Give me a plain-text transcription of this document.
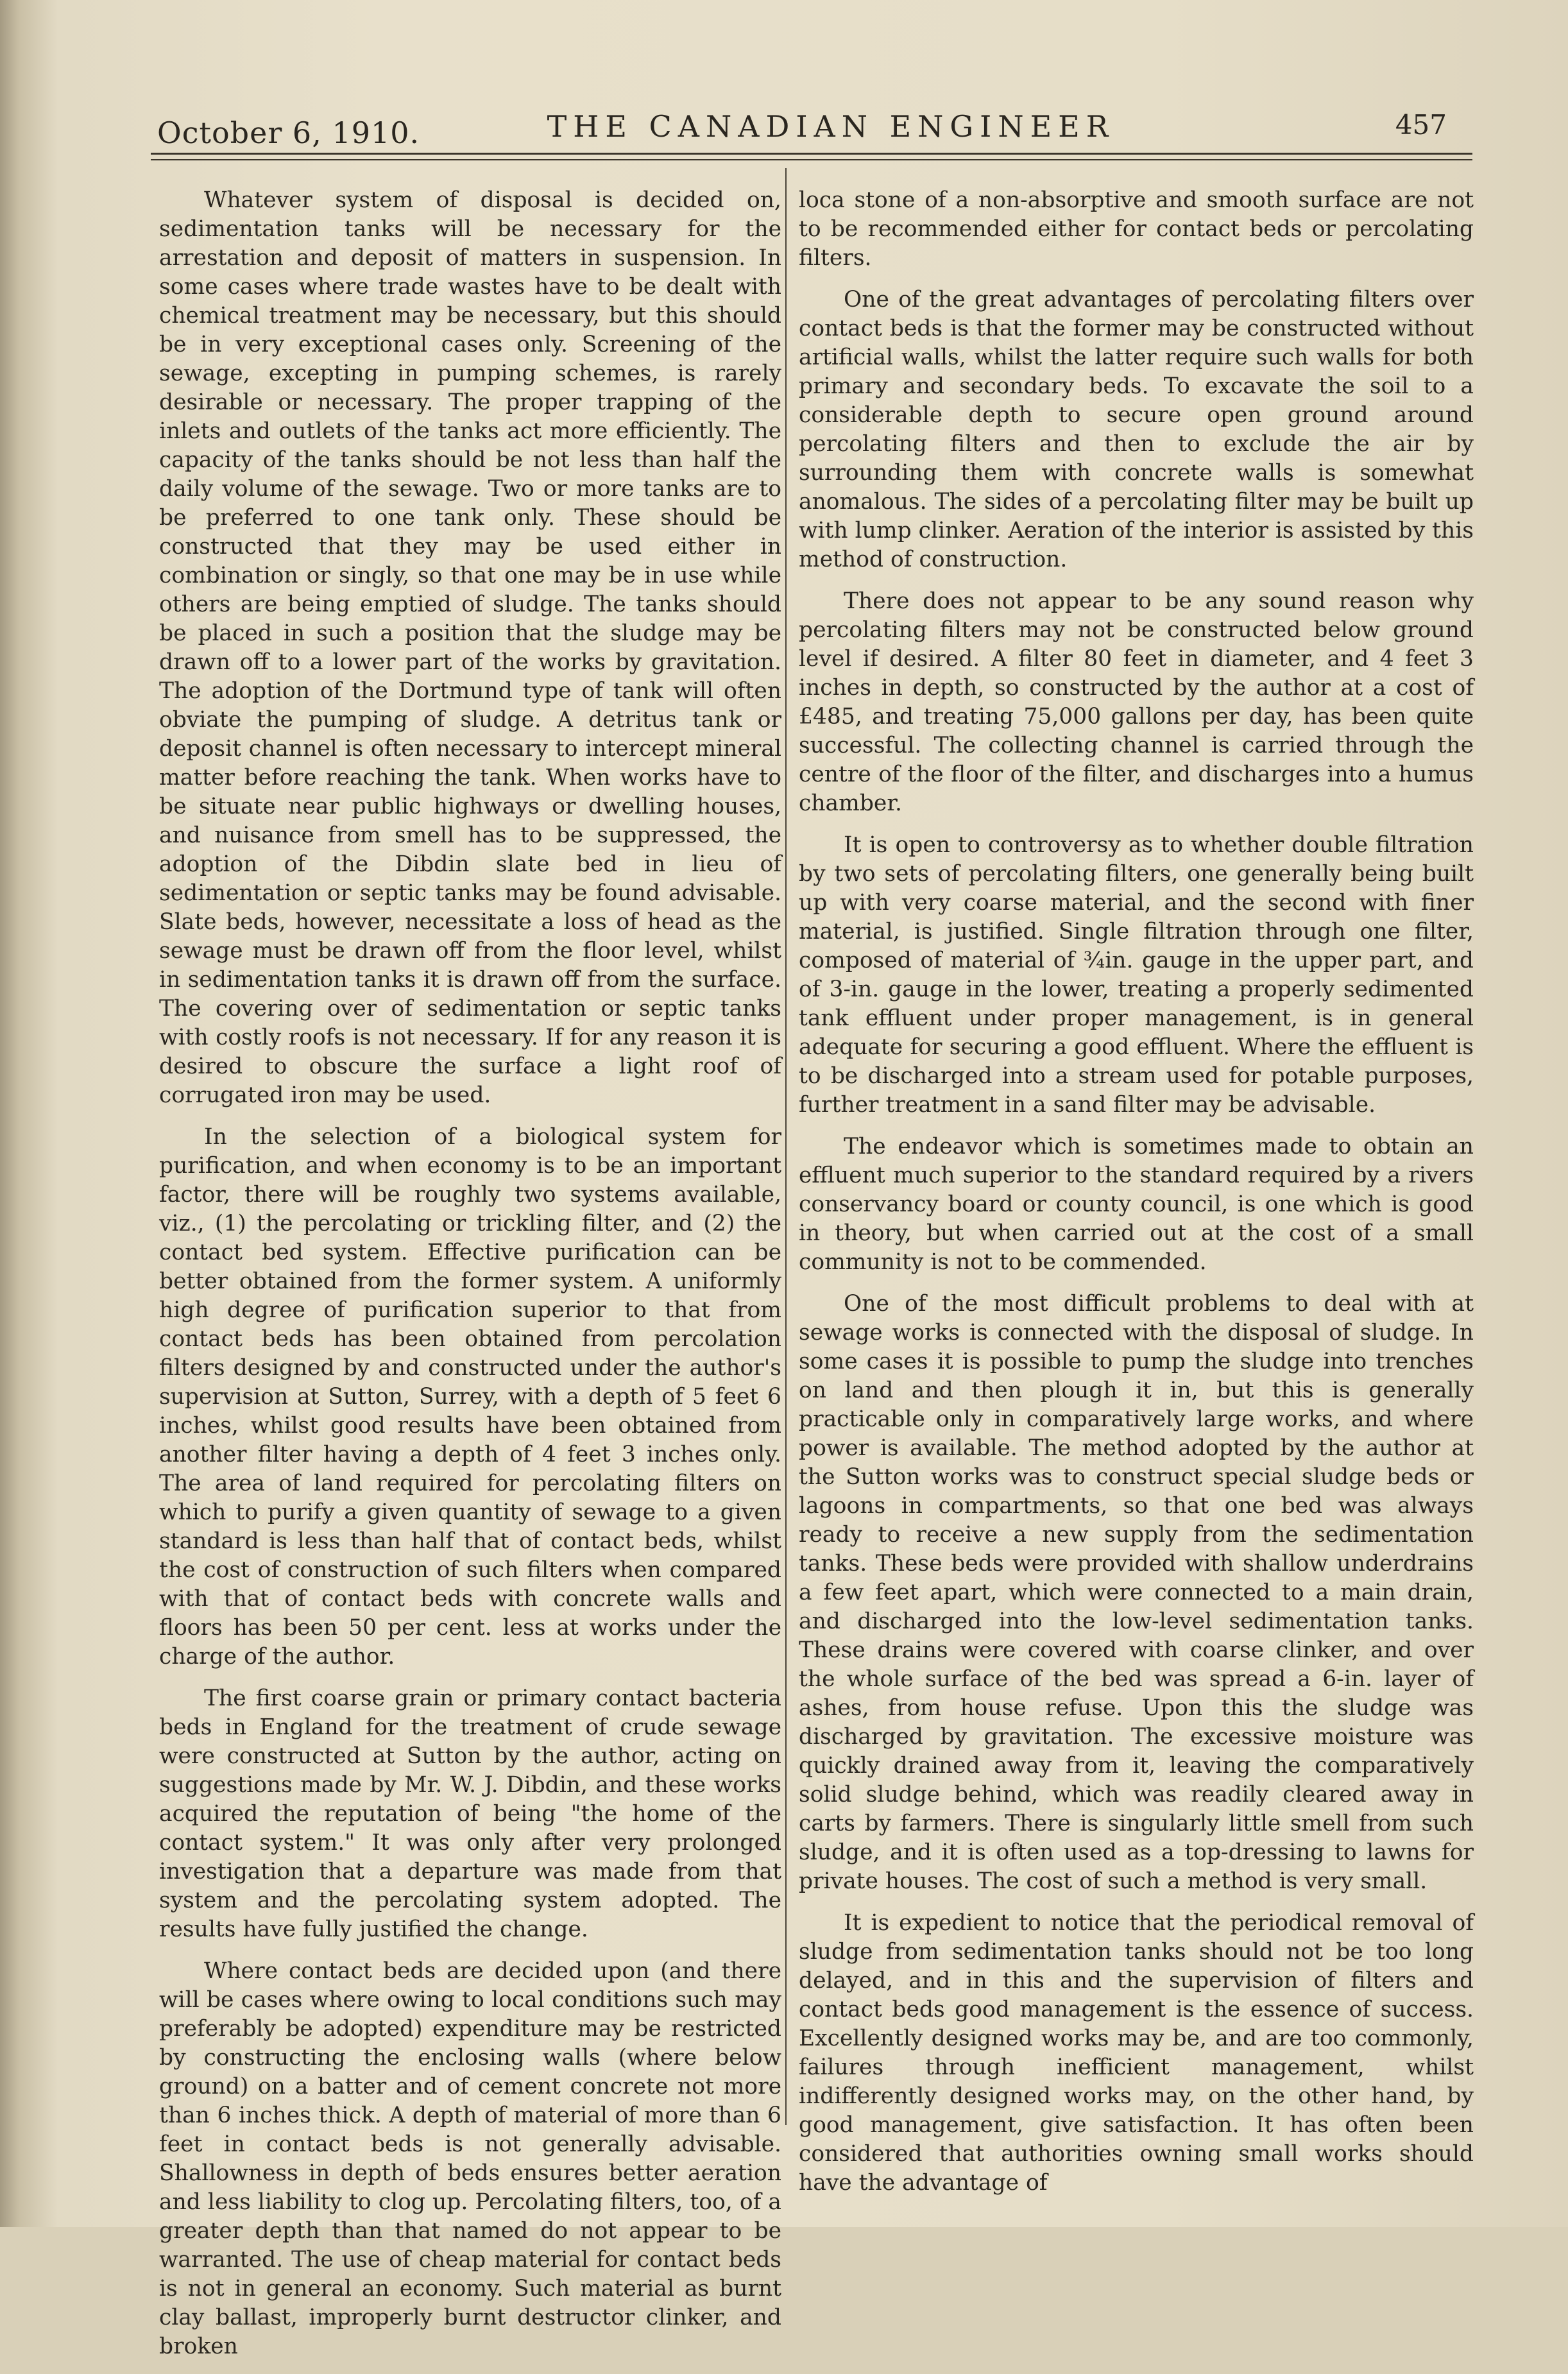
October 6, 1910.	THE CANADIAN ENGINEER	457

Whatever system of disposal is decided on, sedimentation tanks will be necessary for the arrestation and deposit of matters in suspension. In some cases where trade wastes have to be dealt with chemical treatment may be necessary, but this should be in very exceptional cases only. Screening of the sewage, excepting in pumping schemes, is rarely desirable or necessary. The proper trapping of the inlets and outlets of the tanks act more efficiently. The capacity of the tanks should be not less than half the daily volume of the sewage. Two or more tanks are to be preferred to one tank only. These should be constructed that they may be used either in combination or singly, so that one may be in use while others are being emptied of sludge. The tanks should be placed in such a position that the sludge may be drawn off to a lower part of the works by gravitation. The adoption of the Dortmund type of tank will often obviate the pumping of sludge. A detritus tank or deposit channel is often necessary to intercept mineral matter before reaching the tank. When works have to be situate near public highways or dwelling houses, and nuisance from smell has to be suppressed, the adoption of the Dibdin slate bed in lieu of sedimentation or septic tanks may be found advisable. Slate beds, however, necessitate a loss of head as the sewage must be drawn off from the floor level, whilst in sedimentation tanks it is drawn off from the surface. The covering over of sedimentation or septic tanks with costly roofs is not necessary. If for any reason it is desired to obscure the surface a light roof of corrugated iron may be used.

In the selection of a biological system for purification, and when economy is to be an important factor, there will be roughly two systems available, viz., (1) the percolating or trickling filter, and (2) the contact bed system. Effective purification can be better obtained from the former system. A uniformly high degree of purification superior to that from contact beds has been obtained from percolation filters designed by and constructed under the author's supervision at Sutton, Surrey, with a depth of 5 feet 6 inches, whilst good results have been obtained from another filter having a depth of 4 feet 3 inches only. The area of land required for percolating filters on which to purify a given quantity of sewage to a given standard is less than half that of contact beds, whilst the cost of construction of such filters when compared with that of contact beds with concrete walls and floors has been 50 per cent. less at works under the charge of the author.

The first coarse grain or primary contact bacteria beds in England for the treatment of crude sewage were constructed at Sutton by the author, acting on suggestions made by Mr. W. J. Dibdin, and these works acquired the reputation of being "the home of the contact system." It was only after very prolonged investigation that a departure was made from that system and the percolating system adopted. The results have fully justified the change.

Where contact beds are decided upon (and there will be cases where owing to local conditions such may preferably be adopted) expenditure may be restricted by constructing the enclosing walls (where below ground) on a batter and of cement concrete not more than 6 inches thick. A depth of material of more than 6 feet in contact beds is not generally advisable. Shallowness in depth of beds ensures better aeration and less liability to clog up. Percolating filters, too, of a greater depth than that named do not appear to be warranted. The use of cheap material for contact beds is not in general an economy. Such material as burnt clay ballast, improperly burnt destructor clinker, and broken

loca stone of a non-absorptive and smooth surface are not to be recommended either for contact beds or percolating filters.

One of the great advantages of percolating filters over contact beds is that the former may be constructed without artificial walls, whilst the latter require such walls for both primary and secondary beds. To excavate the soil to a considerable depth to secure open ground around percolating filters and then to exclude the air by surrounding them with concrete walls is somewhat anomalous. The sides of a percolating filter may be built up with lump clinker. Aeration of the interior is assisted by this method of construction.

There does not appear to be any sound reason why percolating filters may not be constructed below ground level if desired. A filter 80 feet in diameter, and 4 feet 3 inches in depth, so constructed by the author at a cost of £485, and treating 75,000 gallons per day, has been quite successful. The collecting channel is carried through the centre of the floor of the filter, and discharges into a humus chamber.

It is open to controversy as to whether double filtration by two sets of percolating filters, one generally being built up with very coarse material, and the second with finer material, is justified. Single filtration through one filter, composed of material of ¾in. gauge in the upper part, and of 3-in. gauge in the lower, treating a properly sedimented tank effluent under proper management, is in general adequate for securing a good effluent. Where the effluent is to be discharged into a stream used for potable purposes, further treatment in a sand filter may be advisable.

The endeavor which is sometimes made to obtain an effluent much superior to the standard required by a rivers conservancy board or county council, is one which is good in theory, but when carried out at the cost of a small community is not to be commended.

One of the most difficult problems to deal with at sewage works is connected with the disposal of sludge. In some cases it is possible to pump the sludge into trenches on land and then plough it in, but this is generally practicable only in comparatively large works, and where power is available. The method adopted by the author at the Sutton works was to construct special sludge beds or lagoons in compartments, so that one bed was always ready to receive a new supply from the sedimentation tanks. These beds were provided with shallow underdrains a few feet apart, which were connected to a main drain, and discharged into the low-level sedimentation tanks. These drains were covered with coarse clinker, and over the whole surface of the bed was spread a 6-in. layer of ashes, from house refuse. Upon this the sludge was discharged by gravitation. The excessive moisture was quickly drained away from it, leaving the comparatively solid sludge behind, which was readily cleared away in carts by farmers. There is singularly little smell from such sludge, and it is often used as a top-dressing to lawns for private houses. The cost of such a method is very small.

It is expedient to notice that the periodical removal of sludge from sedimentation tanks should not be too long delayed, and in this and the supervision of filters and contact beds good management is the essence of success. Excellently designed works may be, and are too commonly, failures through inefficient management, whilst indifferently designed works may, on the other hand, by good management, give satisfaction. It has often been considered that authorities owning small works should have the advantage of
